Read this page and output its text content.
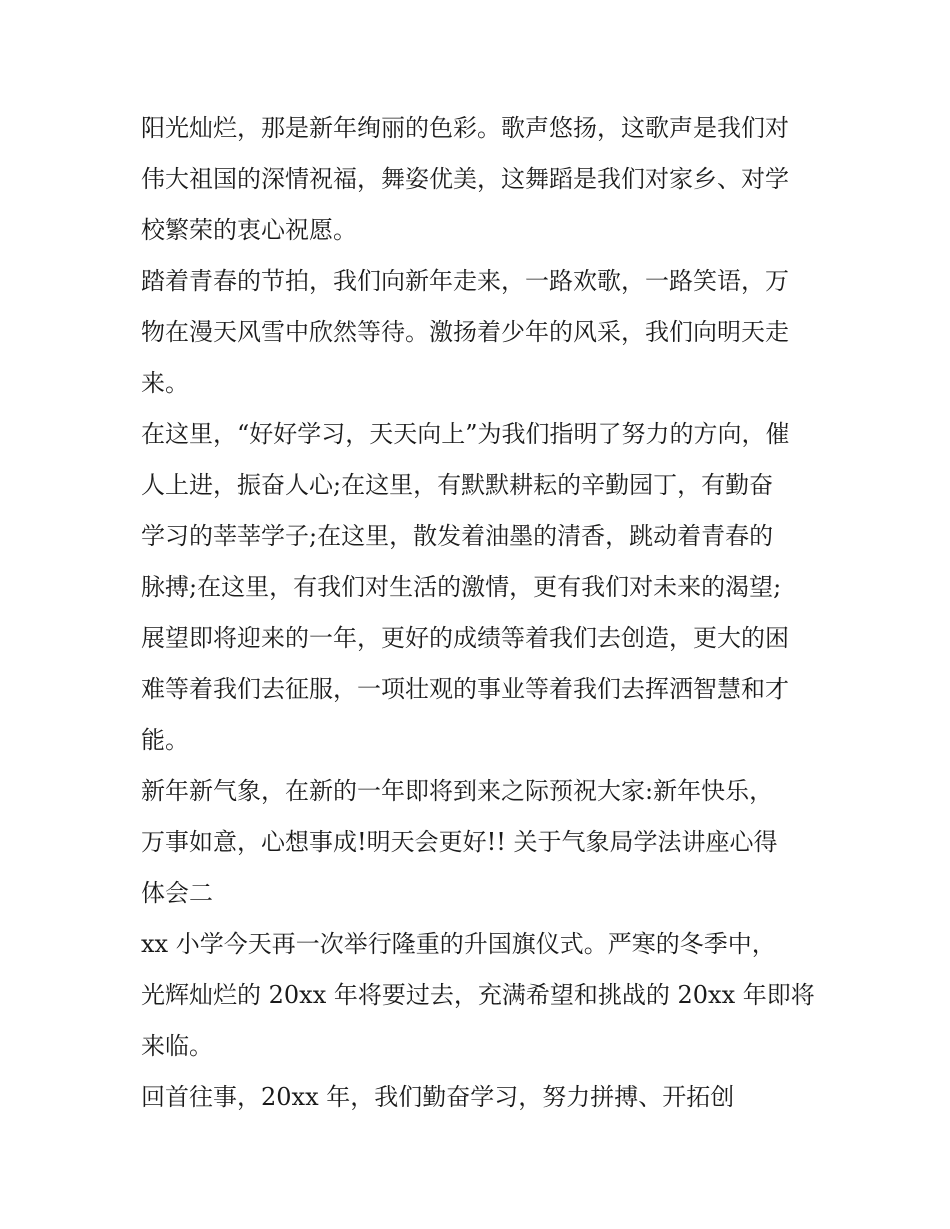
阳光灿烂，那是新年绚丽的色彩。歌声悠扬，这歌声是我们对
伟大祖国的深情祝福，舞姿优美，这舞蹈是我们对家乡、对学
校繁荣的衷心祝愿。
踏着青春的节拍，我们向新年走来，一路欢歌，一路笑语，万
物在漫天风雪中欣然等待。激扬着少年的风采，我们向明天走
来。
在这里，“好好学习，天天向上”为我们指明了努力的方向，催
人上进，振奋人心;在这里，有默默耕耘的辛勤园丁，有勤奋
学习的莘莘学子;在这里，散发着油墨的清香，跳动着青春的
脉搏;在这里，有我们对生活的激情，更有我们对未来的渴望;
展望即将迎来的一年，更好的成绩等着我们去创造，更大的困
难等着我们去征服，一项壮观的事业等着我们去挥洒智慧和才
能。
新年新气象，在新的一年即将到来之际预祝大家:新年快乐，
万事如意，心想事成!明天会更好!! 关于气象局学法讲座心得
体会二
xx 小学今天再一次举行隆重的升国旗仪式。严寒的冬季中，
光辉灿烂的 20xx 年将要过去，充满希望和挑战的 20xx 年即将
来临。
回首往事，20xx 年，我们勤奋学习，努力拼搏、开拓创
